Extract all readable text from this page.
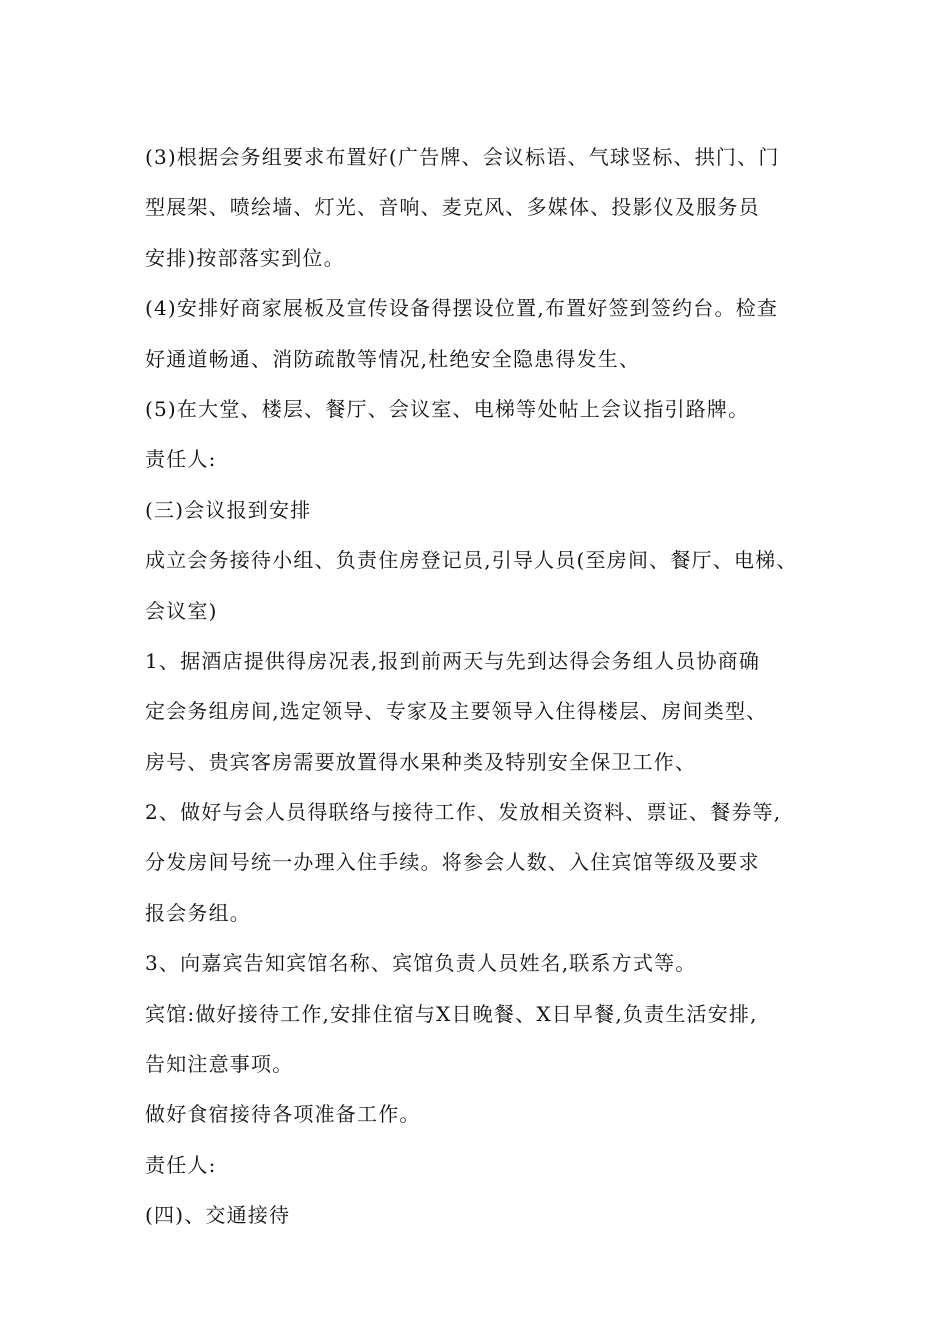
(3)根据会务组要求布置好(广告牌、会议标语、气球竖标、拱门、门
型展架、喷绘墙、灯光、音响、麦克风、多媒体、投影仪及服务员
安排)按部落实到位。
(4)安排好商家展板及宣传设备得摆设位置,布置好签到签约台。检查
好通道畅通、消防疏散等情况,杜绝安全隐患得发生、
(5)在大堂、楼层、餐厅、会议室、电梯等处帖上会议指引路牌。
责任人:
(三)会议报到安排
成立会务接待小组、负责住房登记员,引导人员(至房间、餐厅、电梯、
会议室)
1、据酒店提供得房况表,报到前两天与先到达得会务组人员协商确
定会务组房间,选定领导、专家及主要领导入住得楼层、房间类型、
房号、贵宾客房需要放置得水果种类及特别安全保卫工作、
2、做好与会人员得联络与接待工作、发放相关资料、票证、餐券等,
分发房间号统一办理入住手续。将参会人数、入住宾馆等级及要求
报会务组。
3、向嘉宾告知宾馆名称、宾馆负责人员姓名,联系方式等。
宾馆:做好接待工作,安排住宿与X日晚餐、X日早餐,负责生活安排,
告知注意事项。
做好食宿接待各项准备工作。
责任人:
(四)、交通接待
